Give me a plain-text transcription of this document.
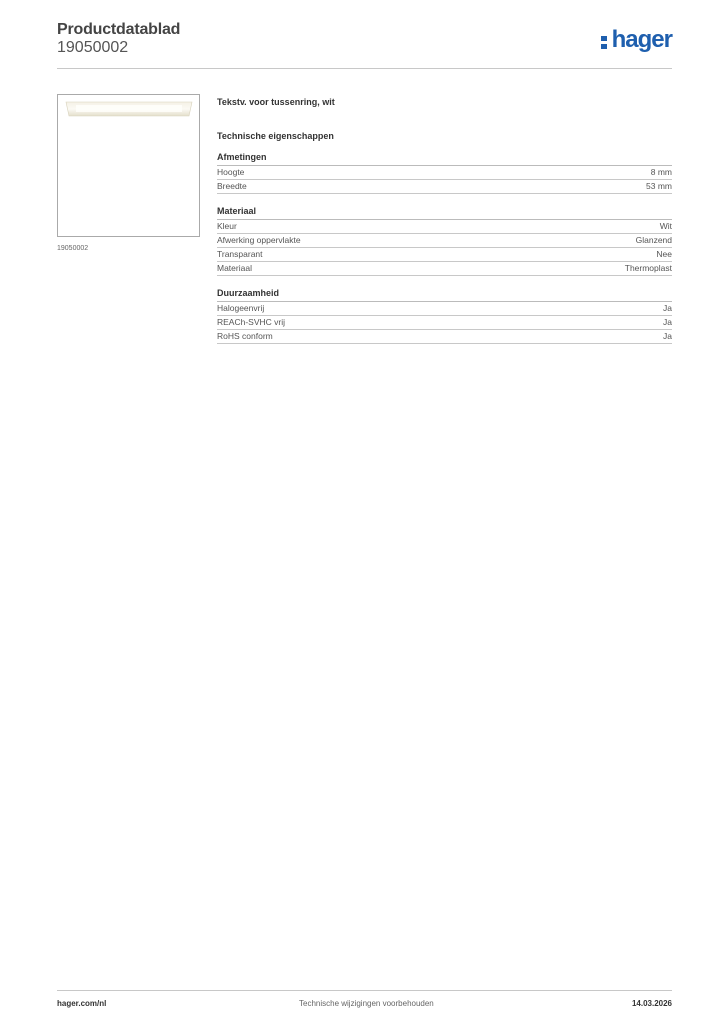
Productdatablad
19050002	hager
19050002
Tekstv. voor tussenring, wit
Technische eigenschappen
Afmetingen
Hoogte	8 mm
Breedte	53 mm
Materiaal
Kleur	Wit
Afwerking oppervlakte	Glanzend
Transparant	Nee
Materiaal	Thermoplast
Duurzaamheid
Halogeenvrij	Ja
REACh-SVHC vrij	Ja
RoHS conform	Ja
hager.com/nl	Technische wijzigingen voorbehouden	14.03.2026
